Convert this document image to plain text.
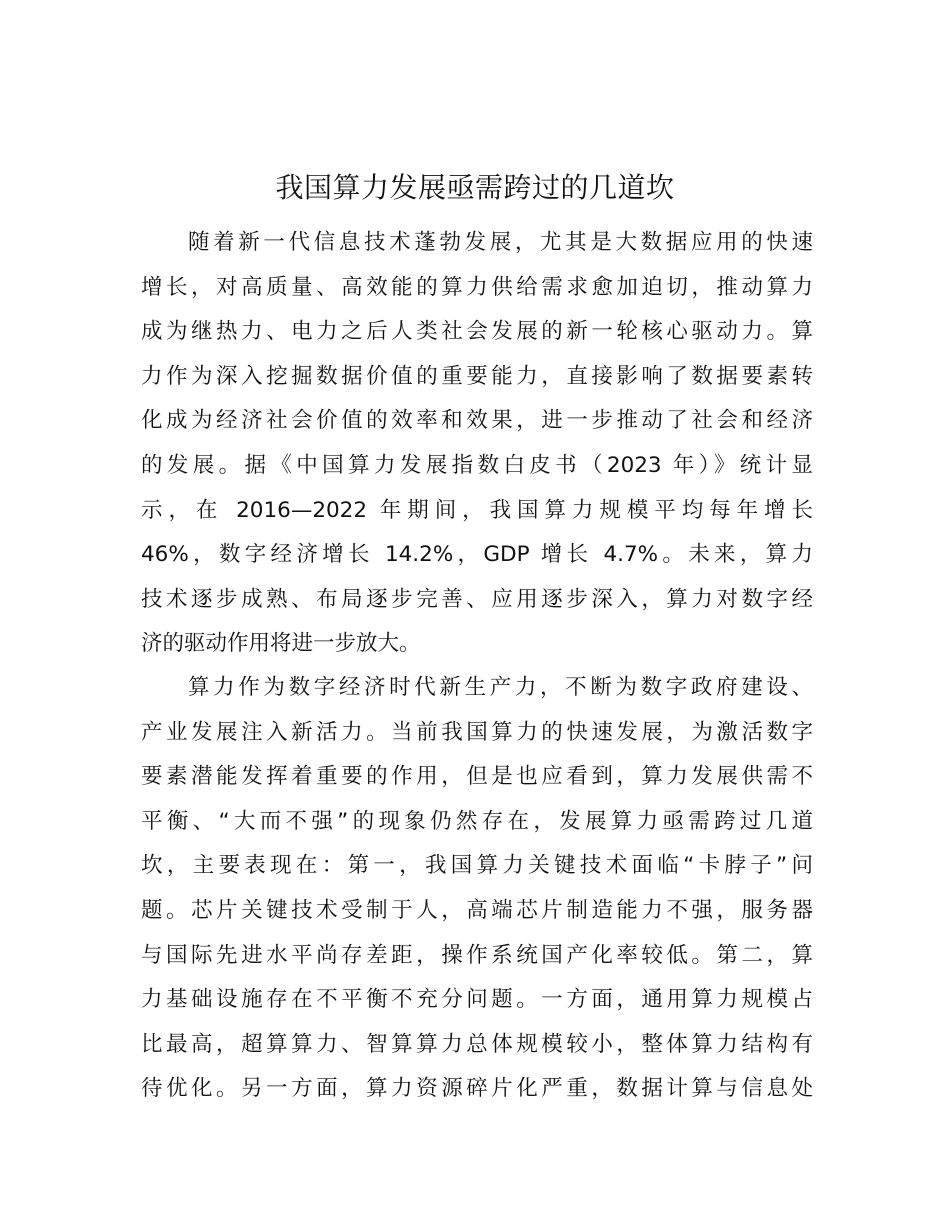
我国算力发展亟需跨过的几道坎
随着新一代信息技术蓬勃发展，尤其是大数据应用的快速
增长，对高质量、高效能的算力供给需求愈加迫切，推动算力
成为继热力、电力之后人类社会发展的新一轮核心驱动力。算
力作为深入挖掘数据价值的重要能力，直接影响了数据要素转
化成为经济社会价值的效率和效果，进一步推动了社会和经济
的发展。据《中国算力发展指数白皮书（2023 年）》统计显
示，在 2016—2022 年期间，我国算力规模平均每年增长
46%，数字经济增长 14.2%，GDP 增长 4.7%。未来，算力
技术逐步成熟、布局逐步完善、应用逐步深入，算力对数字经
济的驱动作用将进一步放大。
算力作为数字经济时代新生产力，不断为数字政府建设、
产业发展注入新活力。当前我国算力的快速发展，为激活数字
要素潜能发挥着重要的作用，但是也应看到，算力发展供需不
平衡、“大而不强”的现象仍然存在，发展算力亟需跨过几道
坎，主要表现在：第一，我国算力关键技术面临“卡脖子”问
题。芯片关键技术受制于人，高端芯片制造能力不强，服务器
与国际先进水平尚存差距，操作系统国产化率较低。第二，算
力基础设施存在不平衡不充分问题。一方面，通用算力规模占
比最高，超算算力、智算算力总体规模较小，整体算力结构有
待优化。另一方面，算力资源碎片化严重，数据计算与信息处
